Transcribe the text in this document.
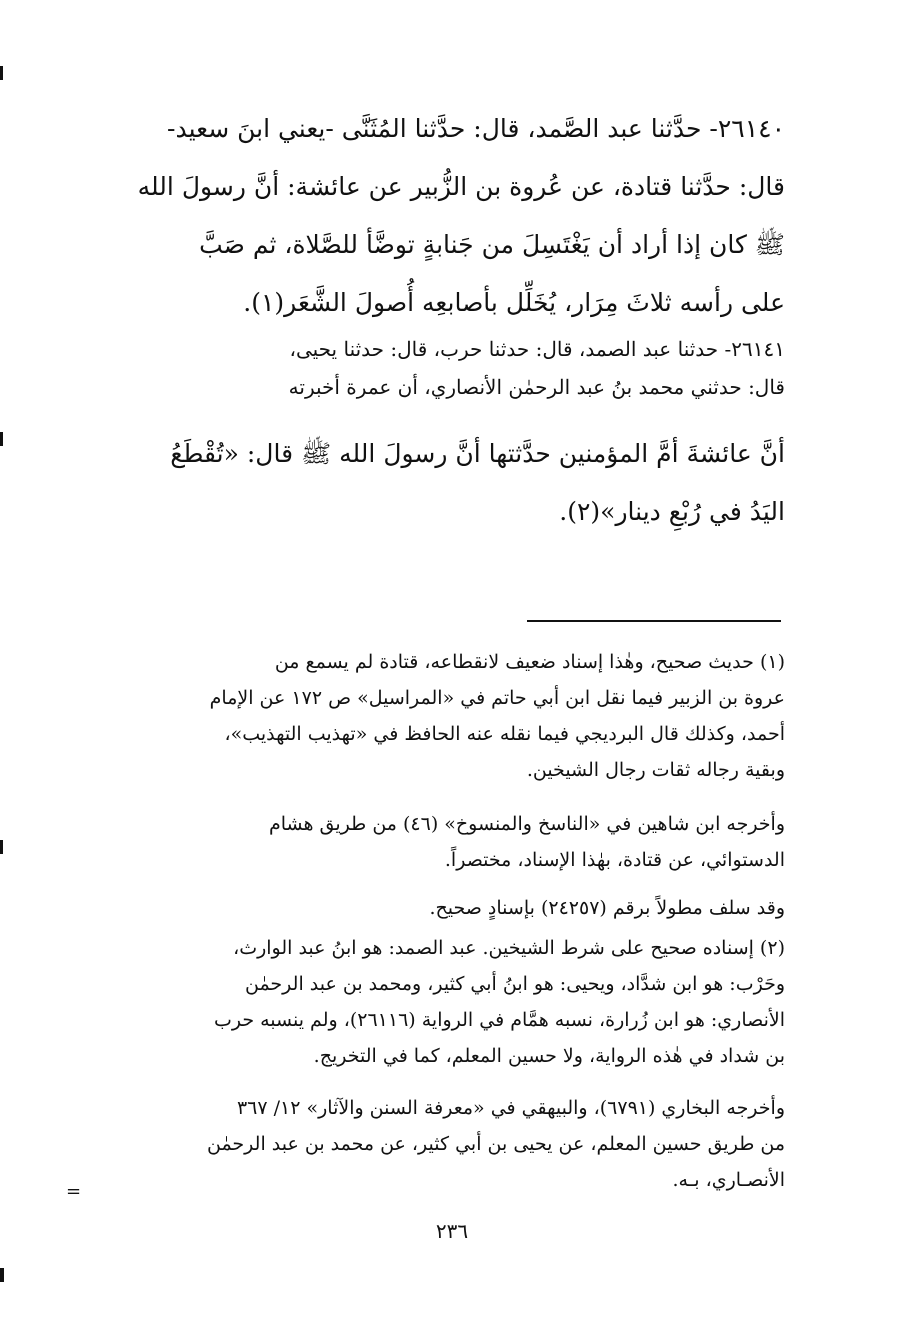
٢٦١٤٠- حدَّثنا عبد الصَّمد، قال: حدَّثنا المُثَنَّى -يعني ابنَ سعيد-
قال: حدَّثنا قتادة، عن عُروة بن الزُّبير عن عائشة: أنَّ رسولَ الله
ﷺ كان إذا أراد أن يَغْتَسِلَ من جَنابةٍ توضَّأ للصَّلاة، ثم صَبَّ
على رأسه ثلاثَ مِرَار، يُخَلِّل بأصابعِه أُصولَ الشَّعَر(١).
٢٦١٤١- حدثنا عبد الصمد، قال: حدثنا حرب، قال: حدثنا يحيى،
قال: حدثني محمد بنُ عبد الرحمٰن الأنصاري، أن عمرة أخبرته
أنَّ عائشةَ أمَّ المؤمنين حدَّثتها أنَّ رسولَ الله ﷺ قال: «تُقْطَعُ
اليَدُ في رُبْعِ دينار»(٢).
(١) حديث صحيح، وهٰذا إسناد ضعيف لانقطاعه، قتادة لم يسمع من
عروة بن الزبير فيما نقل ابن أبي حاتم في «المراسيل» ص ١٧٢ عن الإمام
أحمد، وكذلك قال البرديجي فيما نقله عنه الحافظ في «تهذيب التهذيب»،
وبقية رجاله ثقات رجال الشيخين.
وأخرجه ابن شاهين في «الناسخ والمنسوخ» (٤٦) من طريق هشام
الدستوائي، عن قتادة، بهٰذا الإسناد، مختصراً.
وقد سلف مطولاً برقم (٢٤٢٥٧) بإسنادٍ صحيح.
(٢) إسناده صحيح على شرط الشيخين. عبد الصمد: هو ابنُ عبد الوارث،
وحَرْب: هو ابن شدَّاد، ويحيى: هو ابنُ أبي كثير، ومحمد بن عبد الرحمٰن
الأنصاري: هو ابن زُرارة، نسبه همَّام في الرواية (٢٦١١٦)، ولم ينسبه حرب
بن شداد في هٰذه الرواية، ولا حسين المعلم، كما في التخريج.
وأخرجه البخاري (٦٧٩١)، والبيهقي في «معرفة السنن والآثار» ١٢/ ٣٦٧
من طريق حسين المعلم، عن يحيى بن أبي كثير، عن محمد بن عبد الرحمٰن
الأنصـاري، بـه.
=
٢٣٦
